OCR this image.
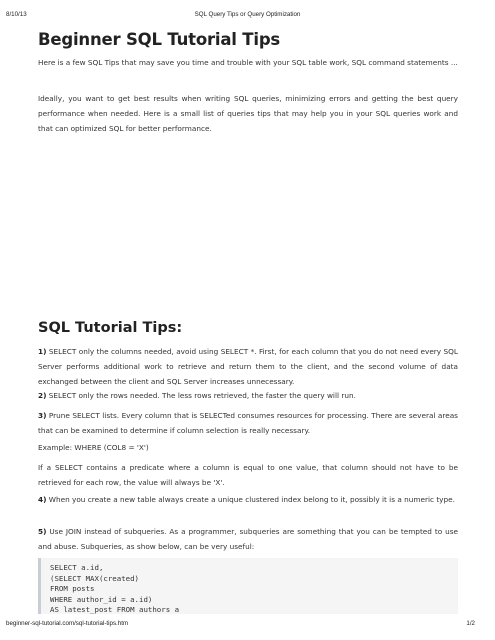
8/10/13	SQL Query Tips or Query Optimization
Beginner SQL Tutorial Tips

Here is a few SQL Tips that may save you time and trouble with your SQL table work, SQL command statements ...

Ideally, you want to get best results when writing SQL queries, minimizing errors and getting the best query performance when needed. Here is a small list of queries tips that may help you in your SQL queries work and that can optimized SQL for better performance.

SQL Tutorial Tips:

1) SELECT only the columns needed, avoid using SELECT *. First, for each column that you do not need every SQL Server performs additional work to retrieve and return them to the client, and the second volume of data exchanged between the client and SQL Server increases unnecessary.

2) SELECT only the rows needed. The less rows retrieved, the faster the query will run.

3) Prune SELECT lists. Every column that is SELECTed consumes resources for processing. There are several areas that can be examined to determine if column selection is really necessary.

Example: WHERE (COL8 = 'X')

If a SELECT contains a predicate where a column is equal to one value, that column should not have to be retrieved for each row, the value will always be 'X'.

4) When you create a new table always create a unique clustered index belong to it, possibly it is a numeric type.

5) Use JOIN instead of subqueries. As a programmer, subqueries are something that you can be tempted to use and abuse. Subqueries, as show below, can be very useful:

SELECT a.id,
(SELECT MAX(created)
FROM posts
WHERE author_id = a.id)
AS latest_post FROM authors a
beginner-sql-tutorial.com/sql-tutorial-tips.htm	1/2
